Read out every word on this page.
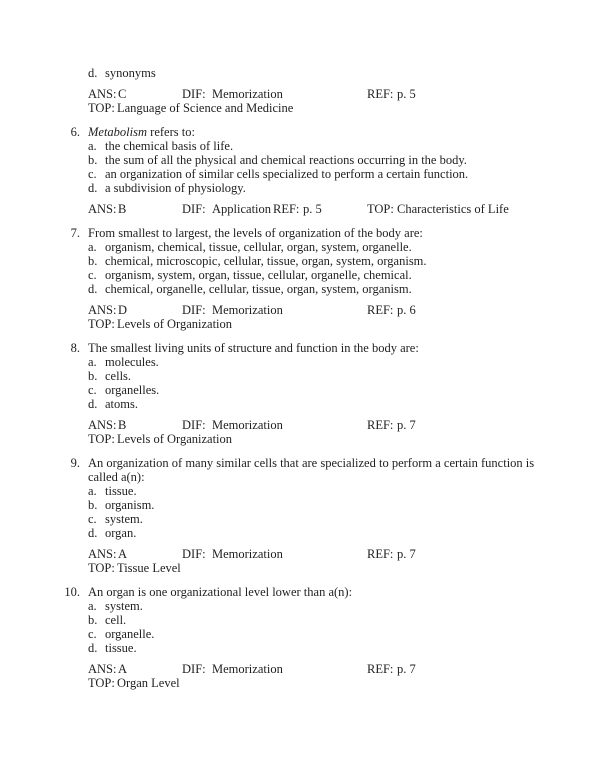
d. synonyms
ANS: C	DIF: Memorization	REF: p. 5
TOP: Language of Science and Medicine
6. Metabolism refers to:
a. the chemical basis of life.
b. the sum of all the physical and chemical reactions occurring in the body.
c. an organization of similar cells specialized to perform a certain function.
d. a subdivision of physiology.
ANS: B	DIF: Application REF: p. 5	TOP: Characteristics of Life
7. From smallest to largest, the levels of organization of the body are:
a. organism, chemical, tissue, cellular, organ, system, organelle.
b. chemical, microscopic, cellular, tissue, organ, system, organism.
c. organism, system, organ, tissue, cellular, organelle, chemical.
d. chemical, organelle, cellular, tissue, organ, system, organism.
ANS: D	DIF: Memorization	REF: p. 6
TOP: Levels of Organization
8. The smallest living units of structure and function in the body are:
a. molecules.
b. cells.
c. organelles.
d. atoms.
ANS: B	DIF: Memorization	REF: p. 7
TOP: Levels of Organization
9. An organization of many similar cells that are specialized to perform a certain function is
called a(n):
a. tissue.
b. organism.
c. system.
d. organ.
ANS: A	DIF: Memorization	REF: p. 7
TOP: Tissue Level
10. An organ is one organizational level lower than a(n):
a. system.
b. cell.
c. organelle.
d. tissue.
ANS: A	DIF: Memorization	REF: p. 7
TOP: Organ Level
